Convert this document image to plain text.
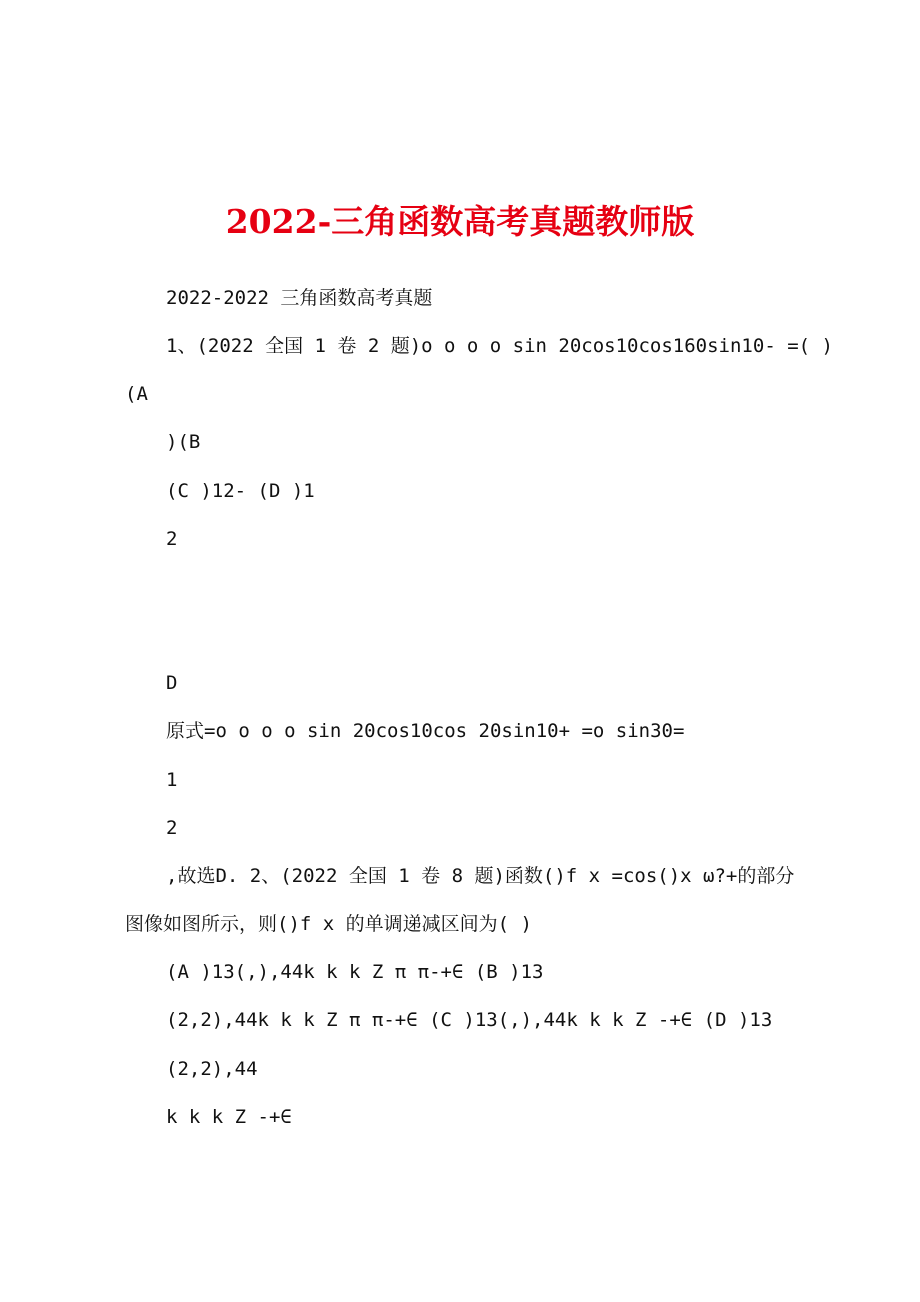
2022-三角函数高考真题教师版
2022-2022 三角函数高考真题
1、(2022 全国 1 卷 2 题)o o o o sin 20cos10cos160sin10- =( )
(A
)(B
(C )12- (D )1
2
D
原式=o o o o sin 20cos10cos 20sin10+ =o sin30=
1
2
,故选D. 2、(2022 全国 1 卷 8 题)函数()f x =cos()x ω?+的部分
图像如图所示，则()f x 的单调递减区间为( )
(A )13(,),44k k k Z π π-+∈ (B )13
(2,2),44k k k Z π π-+∈ (C )13(,),44k k k Z -+∈ (D )13
(2,2),44
k k k Z -+∈
